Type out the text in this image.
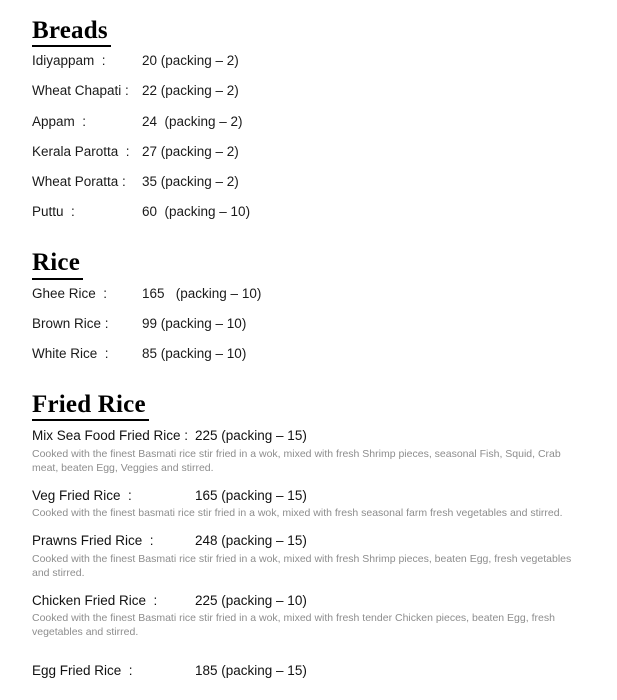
Breads
Idiyappam  :	20 (packing – 2)
Wheat Chapati : 22 (packing – 2)
Appam  :	24  (packing – 2)
Kerala Parotta  : 27 (packing – 2)
Wheat Poratta :	35 (packing – 2)
Puttu  :	60  (packing – 10)
Rice
Ghee Rice  :	165   (packing – 10)
Brown Rice :	99 (packing – 10)
White Rice  :	85 (packing – 10)
Fried Rice
Mix Sea Food Fried Rice : 225 (packing – 15)
Cooked with the finest Basmati rice stir fried in a wok, mixed with fresh Shrimp pieces, seasonal Fish, Squid, Crab meat, beaten Egg, Veggies and stirred.
Veg Fried Rice  :	165 (packing – 15)
Cooked with the finest basmati rice stir fried in a wok, mixed with fresh seasonal farm fresh vegetables and stirred.
Prawns Fried Rice  :	248 (packing – 15)
Cooked with the finest Basmati rice stir fried in a wok, mixed with fresh Shrimp pieces, beaten Egg, fresh vegetables and stirred.
Chicken Fried Rice  :	225 (packing – 10)
Cooked with the finest Basmati rice stir fried in a wok, mixed with fresh tender Chicken pieces, beaten Egg, fresh vegetables and stirred.
Egg Fried Rice  :	185 (packing – 15)
